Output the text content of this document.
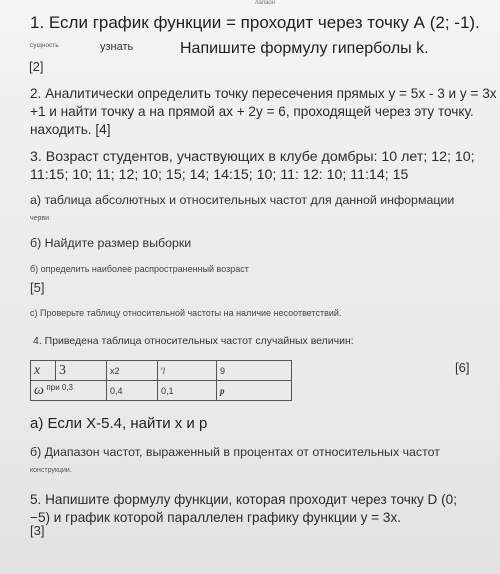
лапаон
1. Если график функции = проходит через точку А (2; -1).
сущность	узнать	Напишите формулу гиперболы k.
[2]
2. Аналитически определить точку пересечения прямых у = 5х - 3 и у = 3х
+1 и найти точку а на прямой ах + 2у = 6, проходящей через эту точку.
находить. [4]
3. Возраст студентов, участвующих в клубе домбры: 10 лет; 12; 10;
11:15; 10; 11; 12; 10; 15; 14; 14:15; 10; 11: 12: 10; 11:14; 15
а) таблица абсолютных и относительных частот для данной информации
черви
б) Найдите размер выборки
б) определить наиболее распространенный возраст
[5]
с) Проверьте таблицу относительной частоты на наличие несоответствий.
4. Приведена таблица относительных частот случайных величин:
[6]
x	3	x2	′/	9
ω при 0,3		0,4	0,1	p
а) Если Х-5.4, найти х и р
б) Диапазон частот, выраженный в процентах от относительных частот
конструкции.
5. Напишите формулу функции, которая проходит через точку D (0;
−5) и график которой параллелен графику функции у = 3х.
[3]
